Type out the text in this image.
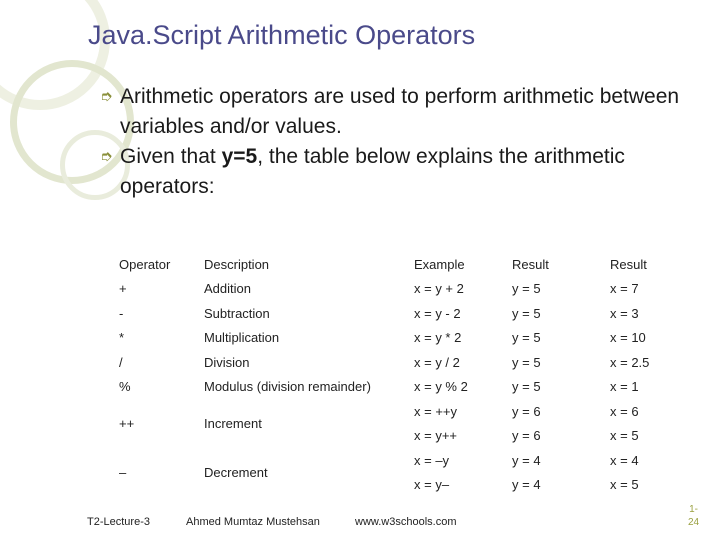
Java.Script Arithmetic Operators
➮ Arithmetic operators are used to perform arithmetic between variables and/or values.
➮ Given that y=5, the table below explains the arithmetic operators:
Operator	Description	Example	Result	Result
+	Addition	x = y + 2	y = 5	x = 7
-	Subtraction	x = y - 2	y = 5	x = 3
*	Multiplication	x = y * 2	y = 5	x = 10
/	Division	x = y / 2	y = 5	x = 2.5
%	Modulus (division remainder)	x = y % 2	y = 5	x = 1
++	Increment	x = ++y	y = 6	x = 6
		x = y++	y = 6	x = 5
–	Decrement	x = –y	y = 4	x = 4
		x = y–	y = 4	x = 5
T2-Lecture-3	Ahmed Mumtaz Mustehsan	www.w3schools.com
1-
24
